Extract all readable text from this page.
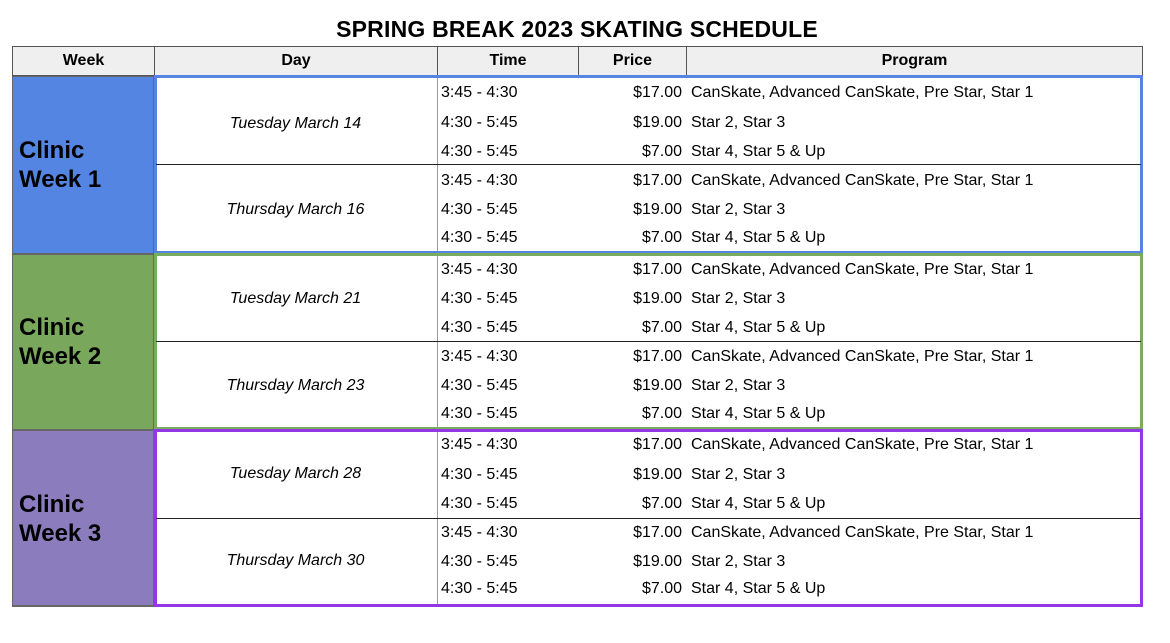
SPRING BREAK 2023 SKATING SCHEDULE
Week	Day	Time	Price	Program
Clinic
Week 1
Tuesday March 14
3:45 - 4:30	$17.00 CanSkate, Advanced CanSkate, Pre Star, Star 1
4:30 - 5:45	$19.00 Star 2, Star 3
4:30 - 5:45	$7.00 Star 4, Star 5 & Up
Thursday March 16
3:45 - 4:30	$17.00 CanSkate, Advanced CanSkate, Pre Star, Star 1
4:30 - 5:45	$19.00 Star 2, Star 3
4:30 - 5:45	$7.00 Star 4, Star 5 & Up
Clinic
Week 2
Tuesday March 21
3:45 - 4:30	$17.00 CanSkate, Advanced CanSkate, Pre Star, Star 1
4:30 - 5:45	$19.00 Star 2, Star 3
4:30 - 5:45	$7.00 Star 4, Star 5 & Up
Thursday March 23
3:45 - 4:30	$17.00 CanSkate, Advanced CanSkate, Pre Star, Star 1
4:30 - 5:45	$19.00 Star 2, Star 3
4:30 - 5:45	$7.00 Star 4, Star 5 & Up
Clinic
Week 3
Tuesday March 28
3:45 - 4:30	$17.00 CanSkate, Advanced CanSkate, Pre Star, Star 1
4:30 - 5:45	$19.00 Star 2, Star 3
4:30 - 5:45	$7.00 Star 4, Star 5 & Up
Thursday March 30
3:45 - 4:30	$17.00 CanSkate, Advanced CanSkate, Pre Star, Star 1
4:30 - 5:45	$19.00 Star 2, Star 3
4:30 - 5:45	$7.00 Star 4, Star 5 & Up
